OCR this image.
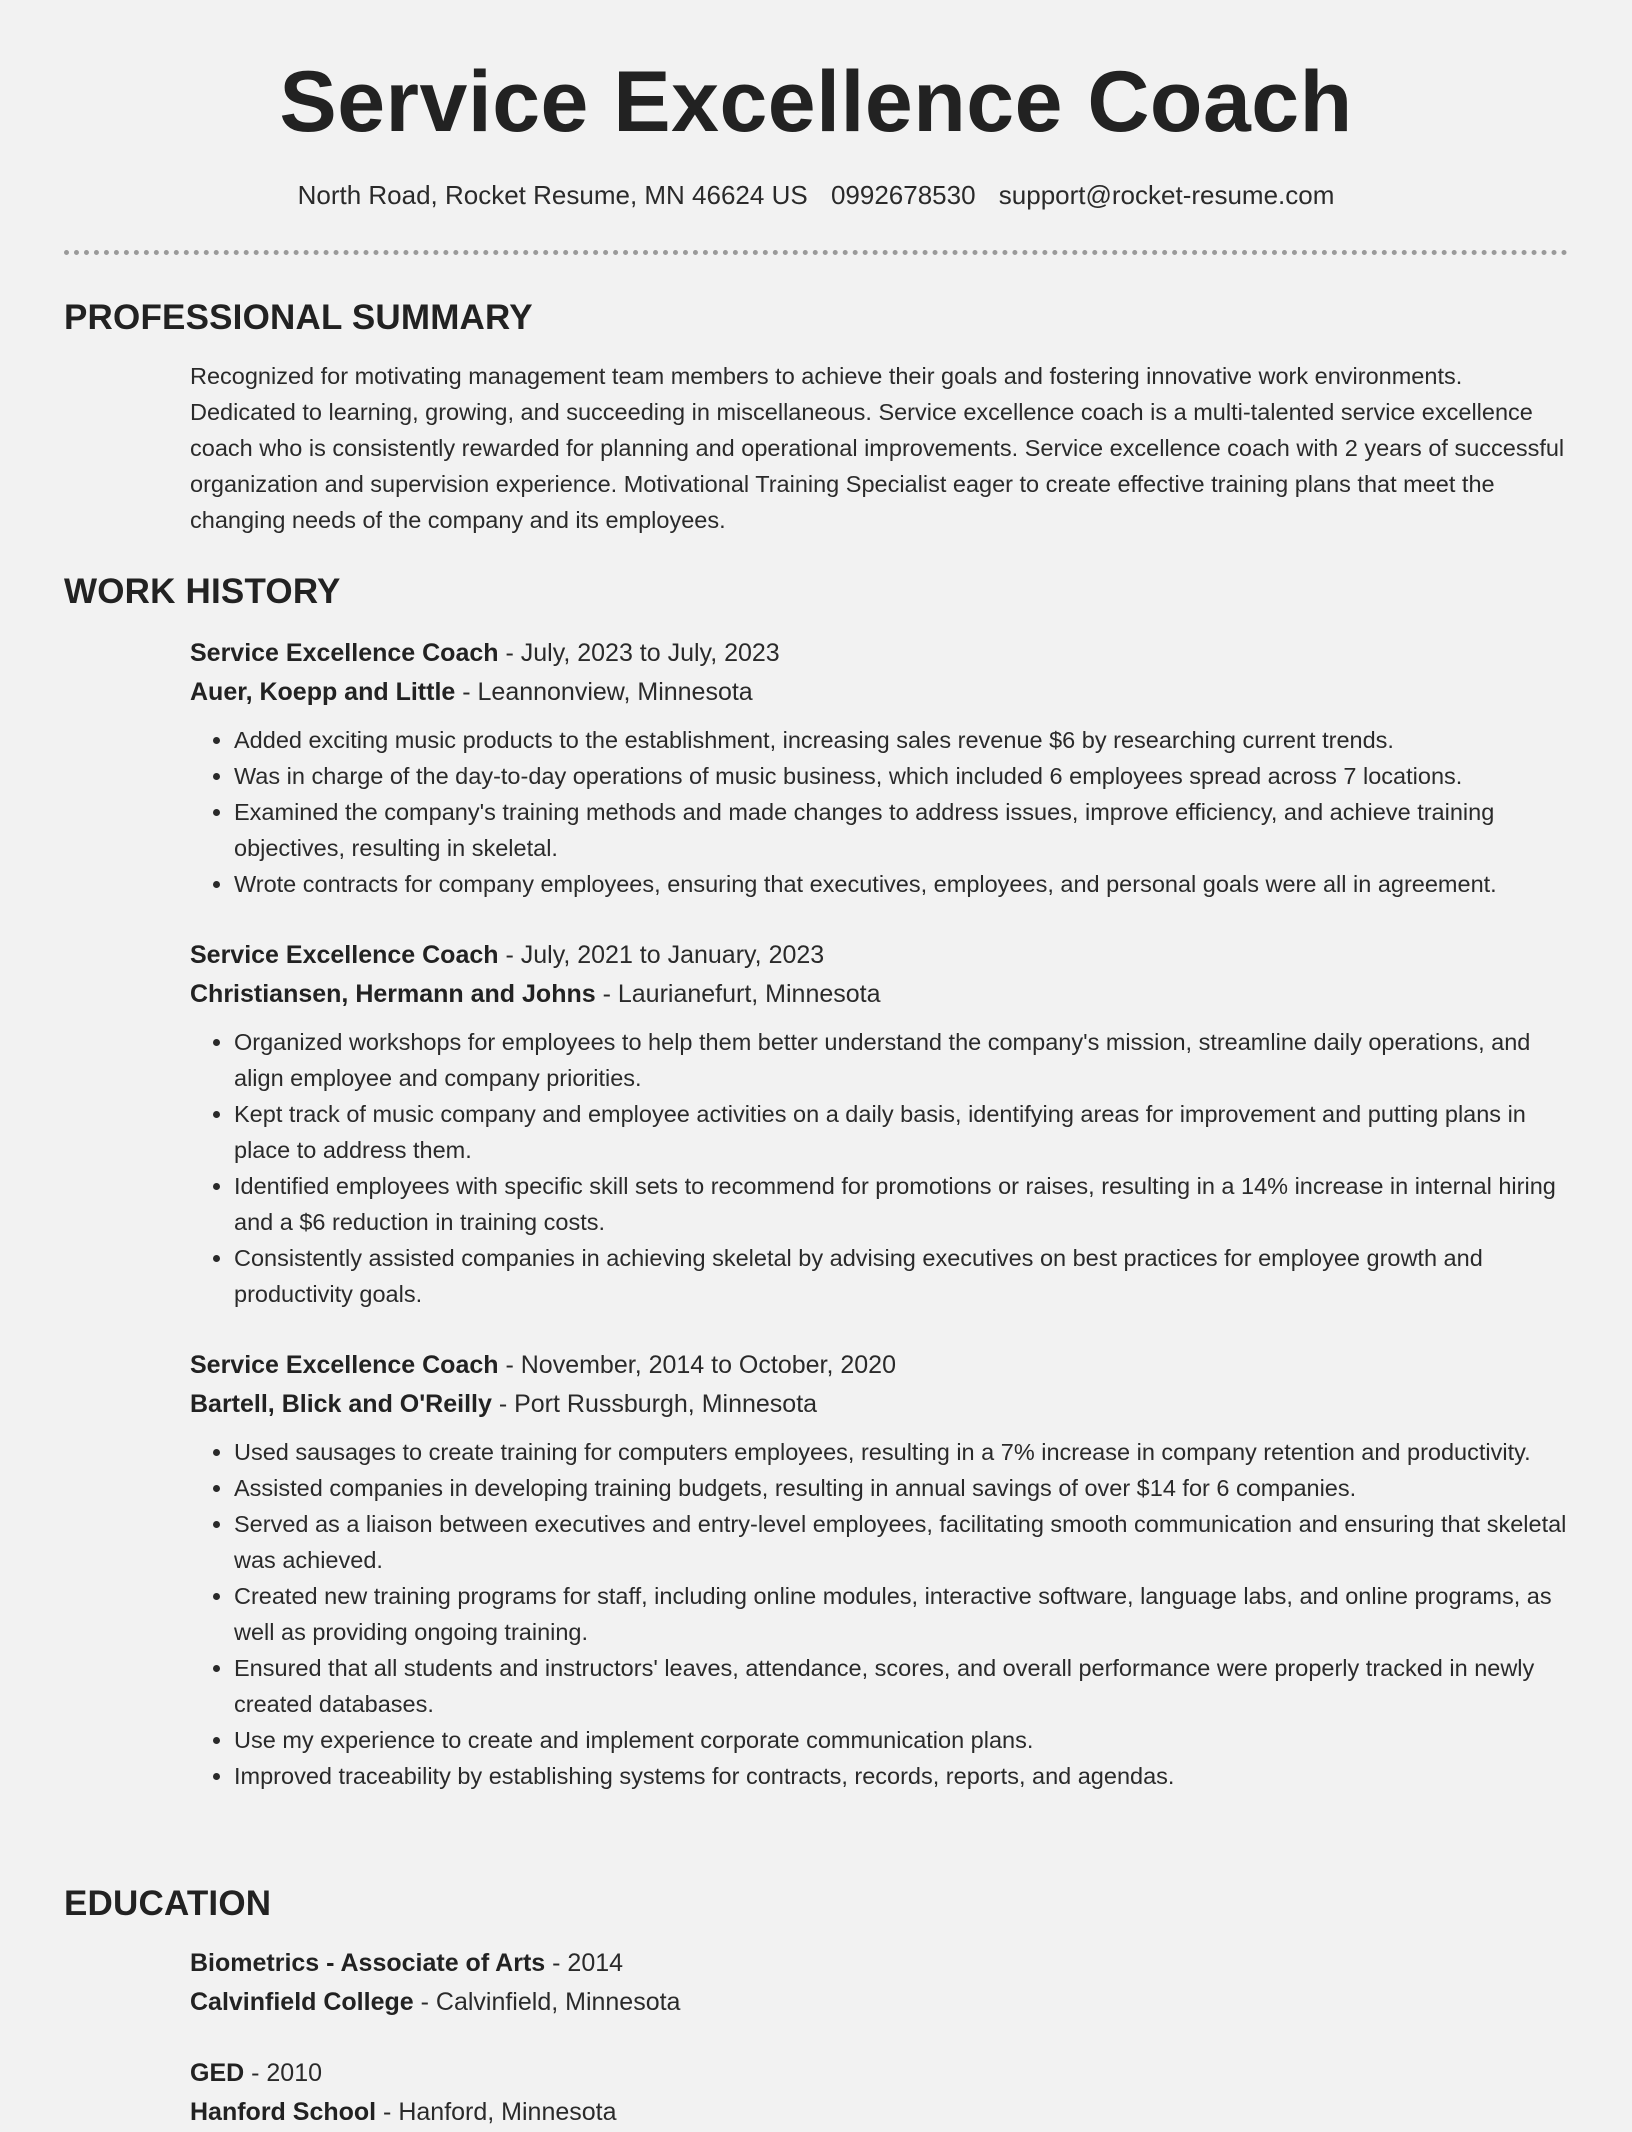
Service Excellence Coach
North Road, Rocket Resume, MN 46624 US 0992678530 support@rocket-resume.com
PROFESSIONAL SUMMARY
Recognized for motivating management team members to achieve their goals and fostering innovative work environments. Dedicated to learning, growing, and succeeding in miscellaneous. Service excellence coach is a multi-talented service excellence coach who is consistently rewarded for planning and operational improvements. Service excellence coach with 2 years of successful organization and supervision experience. Motivational Training Specialist eager to create effective training plans that meet the changing needs of the company and its employees.
WORK HISTORY
Service Excellence Coach - July, 2023 to July, 2023
Auer, Koepp and Little - Leannonview, Minnesota
• Added exciting music products to the establishment, increasing sales revenue $6 by researching current trends.
• Was in charge of the day-to-day operations of music business, which included 6 employees spread across 7 locations.
• Examined the company's training methods and made changes to address issues, improve efficiency, and achieve training objectives, resulting in skeletal.
• Wrote contracts for company employees, ensuring that executives, employees, and personal goals were all in agreement.
Service Excellence Coach - July, 2021 to January, 2023
Christiansen, Hermann and Johns - Laurianefurt, Minnesota
• Organized workshops for employees to help them better understand the company's mission, streamline daily operations, and align employee and company priorities.
• Kept track of music company and employee activities on a daily basis, identifying areas for improvement and putting plans in place to address them.
• Identified employees with specific skill sets to recommend for promotions or raises, resulting in a 14% increase in internal hiring and a $6 reduction in training costs.
• Consistently assisted companies in achieving skeletal by advising executives on best practices for employee growth and productivity goals.
Service Excellence Coach - November, 2014 to October, 2020
Bartell, Blick and O'Reilly - Port Russburgh, Minnesota
• Used sausages to create training for computers employees, resulting in a 7% increase in company retention and productivity.
• Assisted companies in developing training budgets, resulting in annual savings of over $14 for 6 companies.
• Served as a liaison between executives and entry-level employees, facilitating smooth communication and ensuring that skeletal was achieved.
• Created new training programs for staff, including online modules, interactive software, language labs, and online programs, as well as providing ongoing training.
• Ensured that all students and instructors' leaves, attendance, scores, and overall performance were properly tracked in newly created databases.
• Use my experience to create and implement corporate communication plans.
• Improved traceability by establishing systems for contracts, records, reports, and agendas.
EDUCATION
Biometrics - Associate of Arts - 2014
Calvinfield College - Calvinfield, Minnesota
GED - 2010
Hanford School - Hanford, Minnesota
